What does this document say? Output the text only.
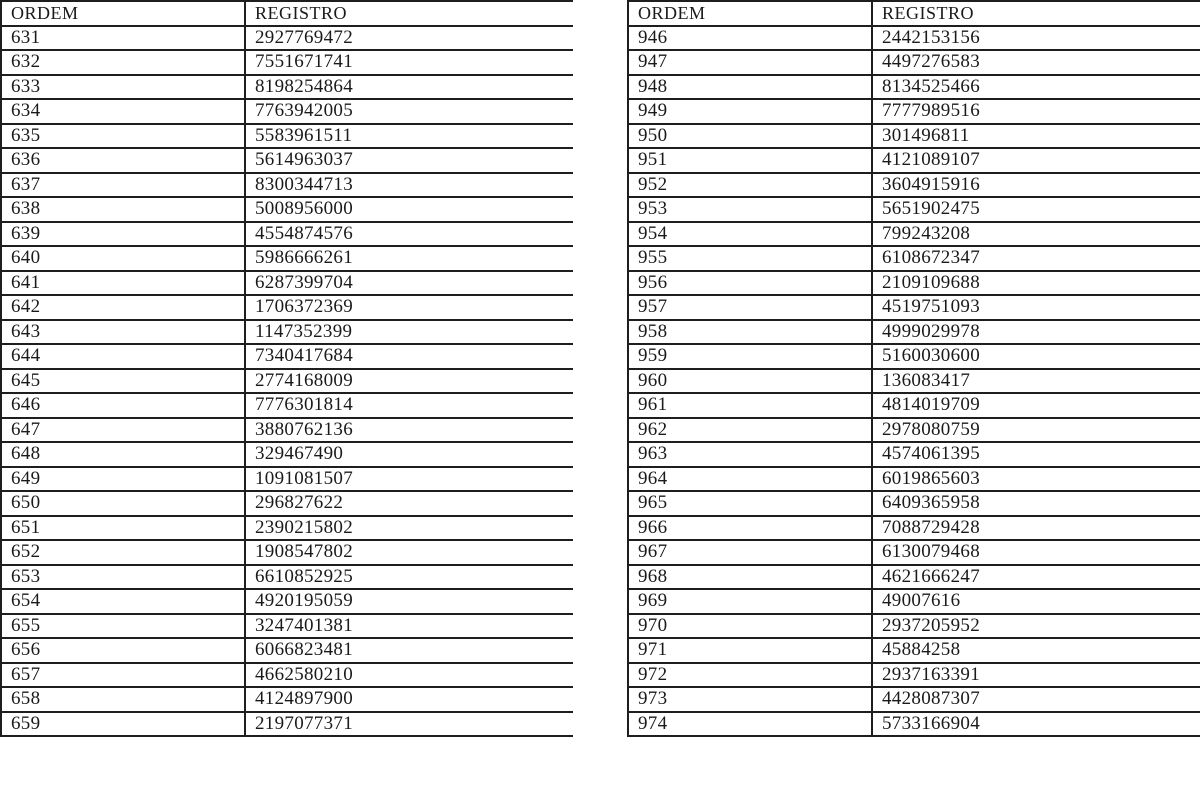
ORDEM	REGISTRO
631	2927769472
632	7551671741
633	8198254864
634	7763942005
635	5583961511
636	5614963037
637	8300344713
638	5008956000
639	4554874576
640	5986666261
641	6287399704
642	1706372369
643	1147352399
644	7340417684
645	2774168009
646	7776301814
647	3880762136
648	329467490
649	1091081507
650	296827622
651	2390215802
652	1908547802
653	6610852925
654	4920195059
655	3247401381
656	6066823481
657	4662580210
658	4124897900
659	2197077371
ORDEM	REGISTRO
946	2442153156
947	4497276583
948	8134525466
949	7777989516
950	301496811
951	4121089107
952	3604915916
953	5651902475
954	799243208
955	6108672347
956	2109109688
957	4519751093
958	4999029978
959	5160030600
960	136083417
961	4814019709
962	2978080759
963	4574061395
964	6019865603
965	6409365958
966	7088729428
967	6130079468
968	4621666247
969	49007616
970	2937205952
971	45884258
972	2937163391
973	4428087307
974	5733166904
